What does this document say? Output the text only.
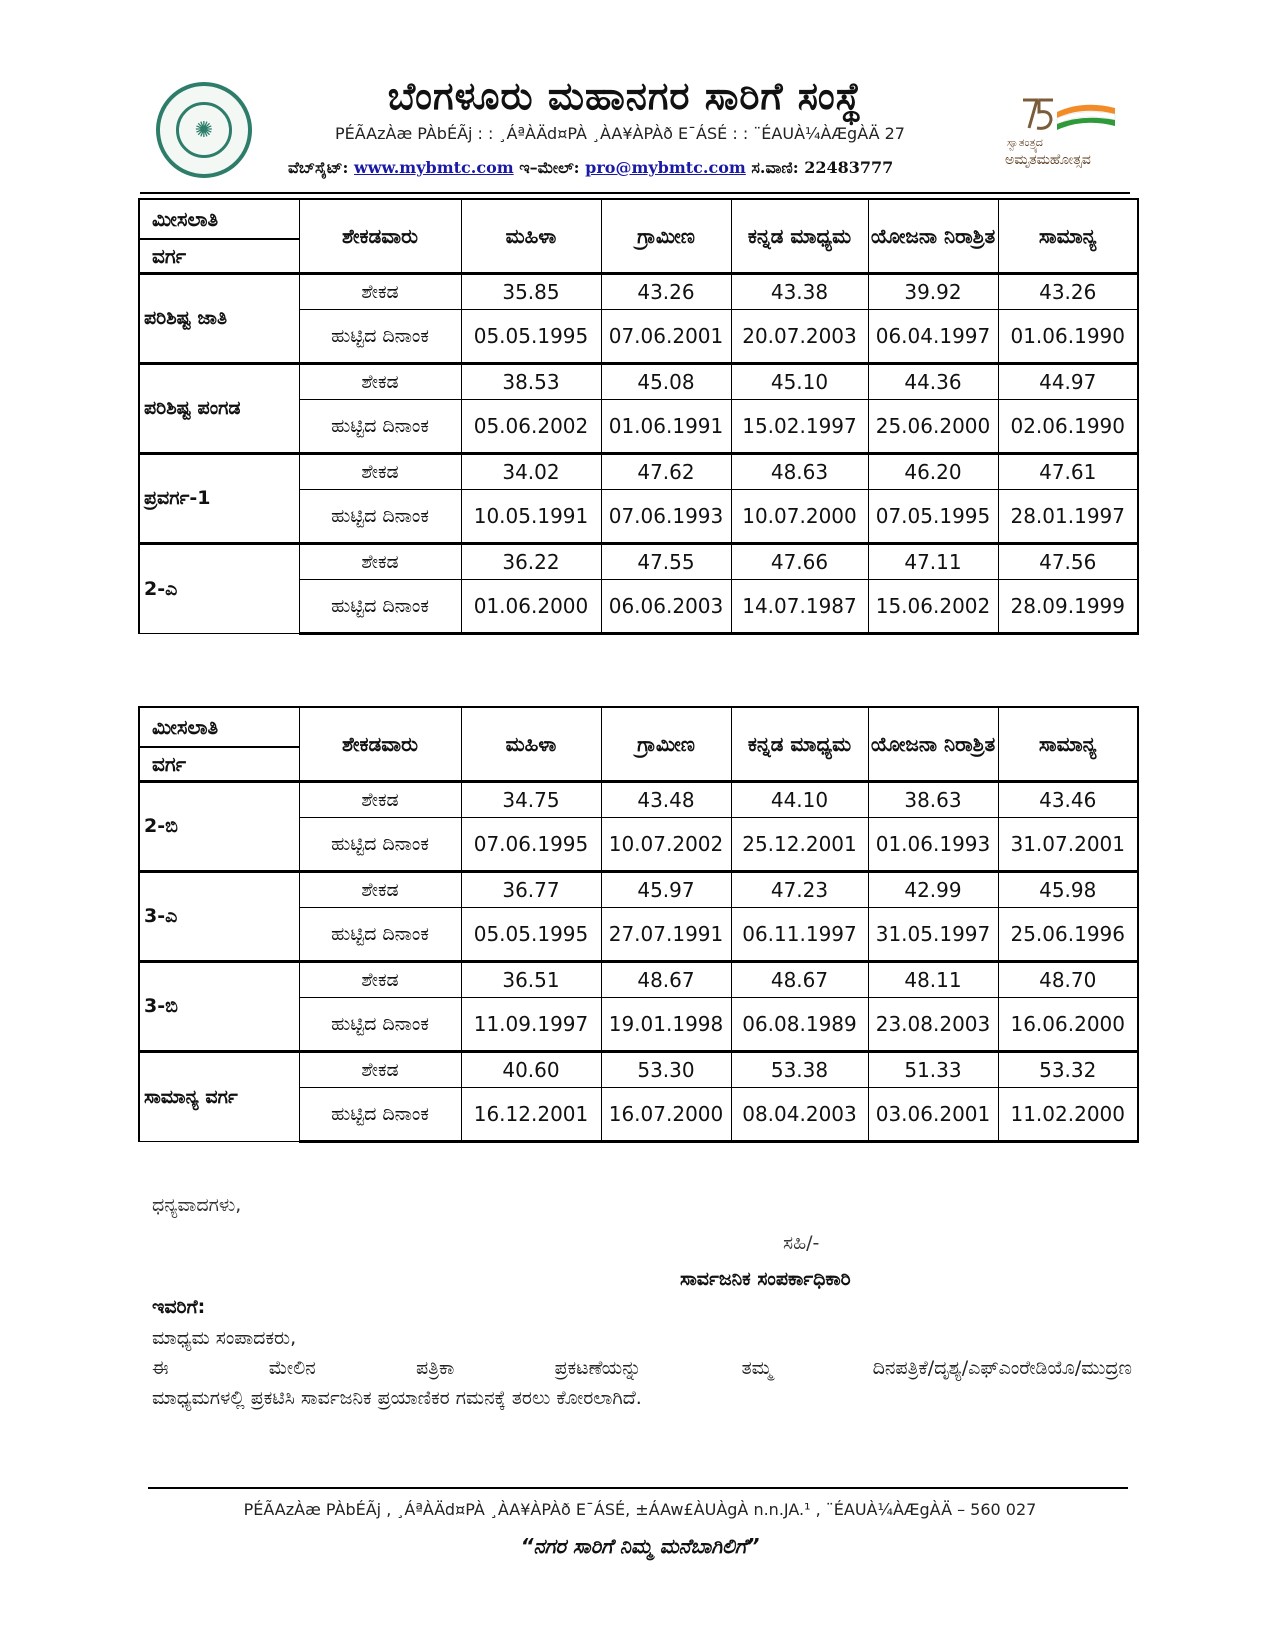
✺
ಬೆಂಗಳೂರು ಮಹಾನಗರ ಸಾರಿಗೆ ಸಂಸ್ಥೆ
PÉÃAzÀæ PÀbÉÃj : : ¸ÁªÀÄd¤PÀ ¸ÀA¥ÀPÀð E¯ÁSÉ : : ¨ÉAUÀ¼ÀÆgÀÄ 27
ವೆಬ್‌ಸೈಟ್: www.mybmtc.com ಇ–ಮೇಲ್: pro@mybmtc.com ಸ.ವಾಣಿ: 22483777
ಸ್ವಾತಂತ್ರ್ಯದ
ಅಮೃತಮಹೋತ್ಸವ
ಮೀಸಲಾತಿ	ಶೇಕಡವಾರು	ಮಹಿಳಾ	ಗ್ರಾಮೀಣ	ಕನ್ನಡ ಮಾಧ್ಯಮ	ಯೋಜನಾ ನಿರಾಶ್ರಿತ	ಸಾಮಾನ್ಯ
ವರ್ಗ						
ಪರಿಶಿಷ್ಟ ಜಾತಿ	ಶೇಕಡ	35.85	43.26	43.38	39.92	43.26
	ಹುಟ್ಟಿದ ದಿನಾಂಕ	05.05.1995	07.06.2001	20.07.2003	06.04.1997	01.06.1990
ಪರಿಶಿಷ್ಟ ಪಂಗಡ	ಶೇಕಡ	38.53	45.08	45.10	44.36	44.97
	ಹುಟ್ಟಿದ ದಿನಾಂಕ	05.06.2002	01.06.1991	15.02.1997	25.06.2000	02.06.1990
ಪ್ರವರ್ಗ-1	ಶೇಕಡ	34.02	47.62	48.63	46.20	47.61
	ಹುಟ್ಟಿದ ದಿನಾಂಕ	10.05.1991	07.06.1993	10.07.2000	07.05.1995	28.01.1997
2-ಎ	ಶೇಕಡ	36.22	47.55	47.66	47.11	47.56
	ಹುಟ್ಟಿದ ದಿನಾಂಕ	01.06.2000	06.06.2003	14.07.1987	15.06.2002	28.09.1999
ಮೀಸಲಾತಿ	ಶೇಕಡವಾರು	ಮಹಿಳಾ	ಗ್ರಾಮೀಣ	ಕನ್ನಡ ಮಾಧ್ಯಮ	ಯೋಜನಾ ನಿರಾಶ್ರಿತ	ಸಾಮಾನ್ಯ
ವರ್ಗ						
2-ಬಿ	ಶೇಕಡ	34.75	43.48	44.10	38.63	43.46
	ಹುಟ್ಟಿದ ದಿನಾಂಕ	07.06.1995	10.07.2002	25.12.2001	01.06.1993	31.07.2001
3-ಎ	ಶೇಕಡ	36.77	45.97	47.23	42.99	45.98
	ಹುಟ್ಟಿದ ದಿನಾಂಕ	05.05.1995	27.07.1991	06.11.1997	31.05.1997	25.06.1996
3-ಬಿ	ಶೇಕಡ	36.51	48.67	48.67	48.11	48.70
	ಹುಟ್ಟಿದ ದಿನಾಂಕ	11.09.1997	19.01.1998	06.08.1989	23.08.2003	16.06.2000
ಸಾಮಾನ್ಯ ವರ್ಗ	ಶೇಕಡ	40.60	53.30	53.38	51.33	53.32
	ಹುಟ್ಟಿದ ದಿನಾಂಕ	16.12.2001	16.07.2000	08.04.2003	03.06.2001	11.02.2000
ಧನ್ಯವಾದಗಳು,
ಸಹಿ/-
ಸಾರ್ವಜನಿಕ ಸಂಪರ್ಕಾಧಿಕಾರಿ
ಇವರಿಗೆ:
ಮಾಧ್ಯಮ ಸಂಪಾದಕರು,
ಈ ಮೇಲಿನ ಪತ್ರಿಕಾ ಪ್ರಕಟಣೆಯನ್ನು ತಮ್ಮ ದಿನಪತ್ರಿಕೆ/ದೃಶ್ಯ/ಎಫ್‌ಎಂರೇಡಿಯೊ/ಮುದ್ರಣ
ಮಾಧ್ಯಮಗಳಲ್ಲಿ ಪ್ರಕಟಿಸಿ ಸಾರ್ವಜನಿಕ ಪ್ರಯಾಣಿಕರ ಗಮನಕ್ಕೆ ತರಲು ಕೋರಲಾಗಿದೆ.
PÉÃAzÀæ PÀbÉÃj , ¸ÁªÀÄd¤PÀ ¸ÀA¥ÀPÀð E¯ÁSÉ, ±ÁAw£ÀUÀgÀ n.n.JA.¹ , ¨ÉAUÀ¼ÀÆgÀÄ – 560 027
“ನಗರ ಸಾರಿಗೆ ನಿಮ್ಮ ಮನೆಬಾಗಿಲಿಗೆ”
